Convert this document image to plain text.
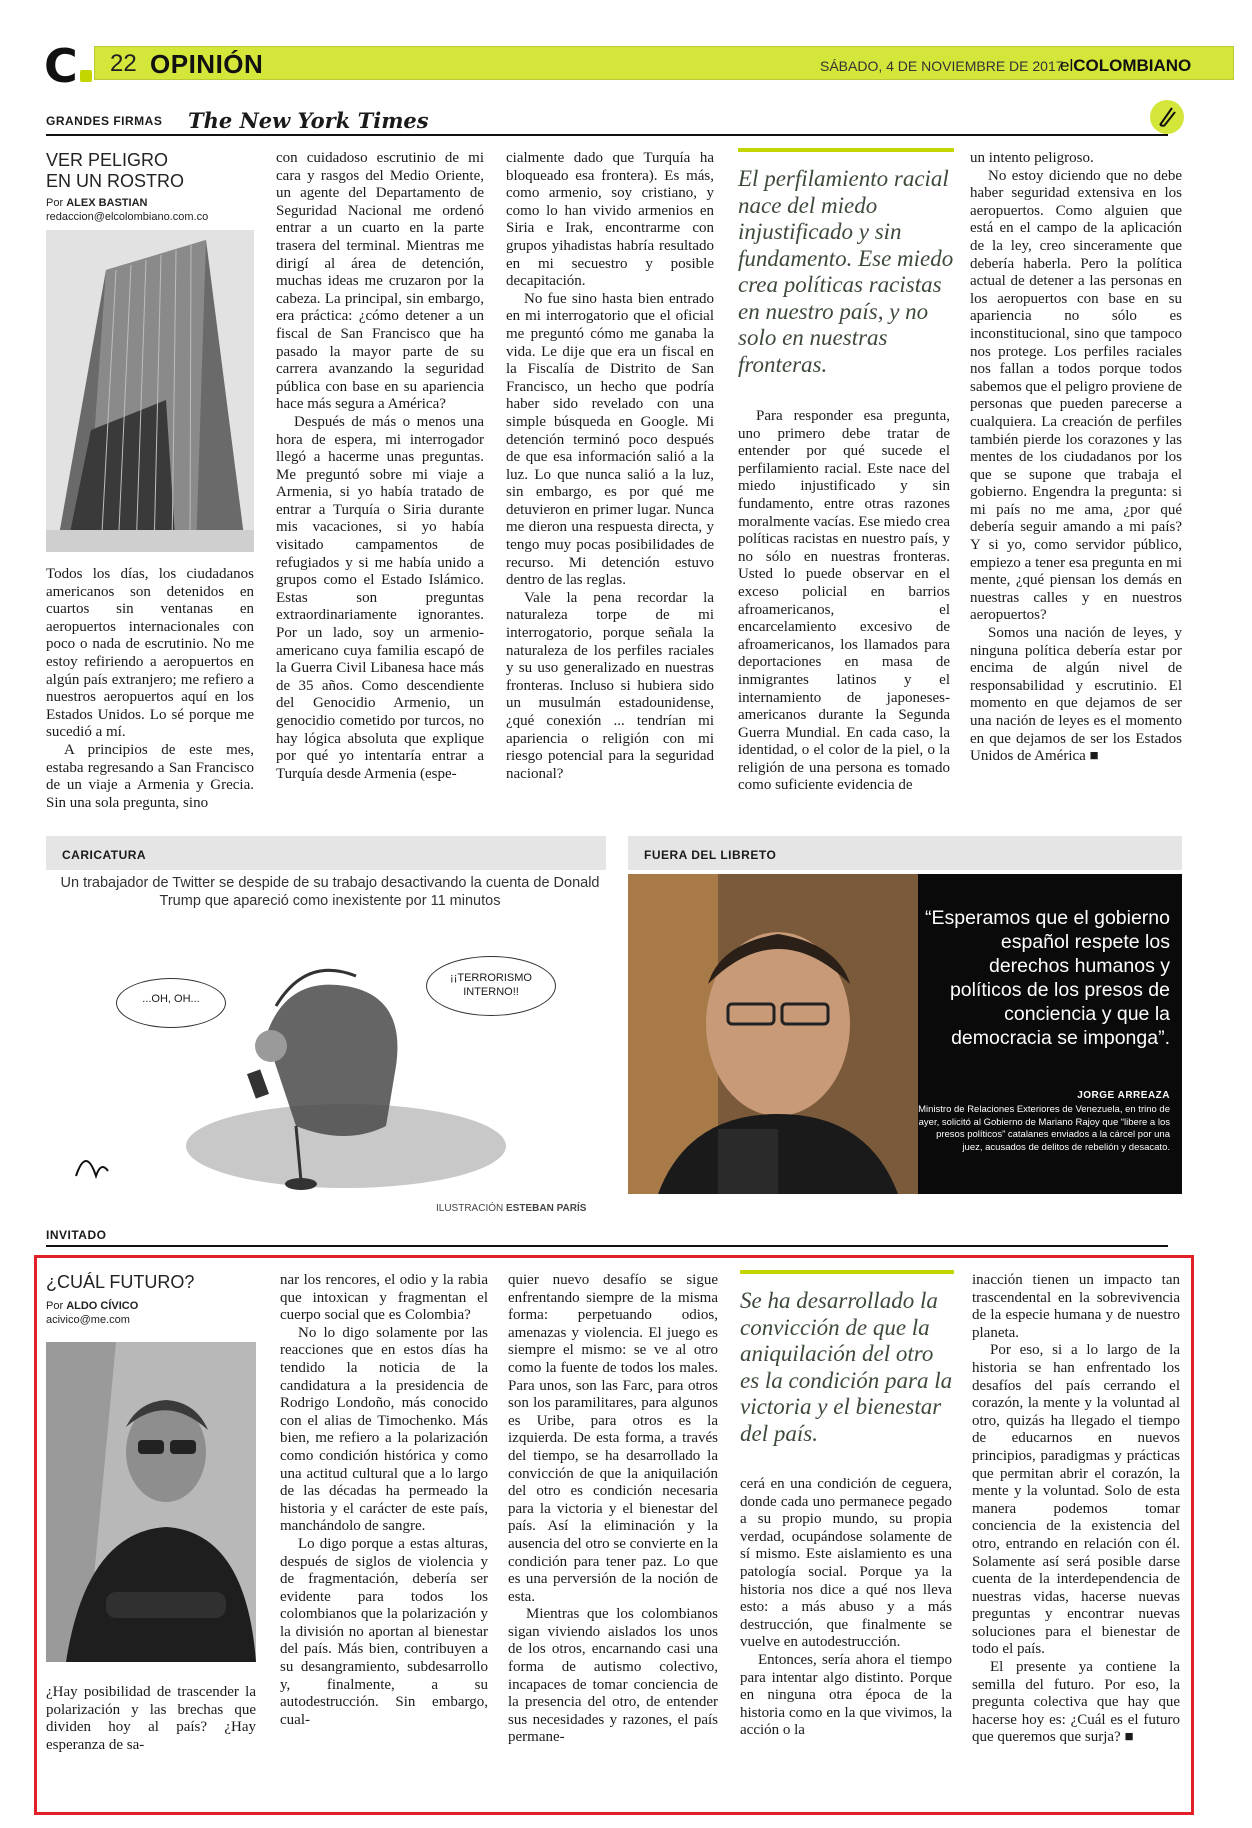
C	22 OPINIÓN	SÁBADO, 4 DE NOVIEMBRE DE 2017
elCOLOMBIANO
GRANDES FIRMAS The New York Times
VER PELIGRO
EN UN ROSTRO
Por ALEX BASTIAN
redaccion@elcolombiano.com.co

Todos los días, los ciudadanos americanos son detenidos en cuartos sin ventanas en aeropuertos internacionales con poco o nada de escrutinio. No me estoy refiriendo a aeropuertos en algún país extranjero; me refiero a nuestros aeropuertos aquí en los Estados Unidos. Lo sé porque me sucedió a mí.

A principios de este mes, estaba regresando a San Francisco de un viaje a Armenia y Grecia. Sin una sola pregunta, sino

con cuidadoso escrutinio de mi cara y rasgos del Medio Oriente, un agente del Departamento de Seguridad Nacional me ordenó entrar a un cuarto en la parte trasera del terminal. Mientras me dirigí al área de detención, muchas ideas me cruzaron por la cabeza. La principal, sin embargo, era práctica: ¿cómo detener a un fiscal de San Francisco que ha pasado la mayor parte de su carrera avanzando la seguridad pública con base en su apariencia hace más segura a América?

Después de más o menos una hora de espera, mi interrogador llegó a hacerme unas preguntas. Me preguntó sobre mi viaje a Armenia, si yo había tratado de entrar a Turquía o Siria durante mis vacaciones, si yo había visitado campamentos de refugiados y si me había unido a grupos como el Estado Islámico. Estas son preguntas extraordinariamente ignorantes. Por un lado, soy un armenio-americano cuya familia escapó de la Guerra Civil Libanesa hace más de 35 años. Como descendiente del Genocidio Armenio, un genocidio cometido por turcos, no hay lógica absoluta que explique por qué yo intentaría entrar a Turquía desde Armenia (espe-

cialmente dado que Turquía ha bloqueado esa frontera). Es más, como armenio, soy cristiano, y como lo han vivido armenios en Siria e Irak, encontrarme con grupos yihadistas habría resultado en mi secuestro y posible decapitación.

No fue sino hasta bien entrado en mi interrogatorio que el oficial me preguntó cómo me ganaba la vida. Le dije que era un fiscal en la Fiscalía de Distrito de San Francisco, un hecho que podría haber sido revelado con una simple búsqueda en Google. Mi detención terminó poco después de que esa información salió a la luz. Lo que nunca salió a la luz, sin embargo, es por qué me detuvieron en primer lugar. Nunca me dieron una respuesta directa, y tengo muy pocas posibilidades de recurso. Mi detención estuvo dentro de las reglas.

Vale la pena recordar la naturaleza torpe de mi interrogatorio, porque señala la naturaleza de los perfiles raciales y su uso generalizado en nuestras fronteras. Incluso si hubiera sido un musulmán estadounidense, ¿qué conexión ... tendrían mi apariencia o religión con mi riesgo potencial para la seguridad nacional?

El perfilamiento racial nace del miedo injustificado y sin fundamento. Ese miedo crea políticas racistas en nuestro país, y no solo en nuestras fronteras.

Para responder esa pregunta, uno primero debe tratar de entender por qué sucede el perfilamiento racial. Este nace del miedo injustificado y sin fundamento, entre otras razones moralmente vacías. Ese miedo crea políticas racistas en nuestro país, y no sólo en nuestras fronteras. Usted lo puede observar en el exceso policial en barrios afroamericanos, el encarcelamiento excesivo de afroamericanos, los llamados para deportaciones en masa de inmigrantes latinos y el internamiento de japoneses-americanos durante la Segunda Guerra Mundial. En cada caso, la identidad, o el color de la piel, o la religión de una persona es tomado como suficiente evidencia de

un intento peligroso.

No estoy diciendo que no debe haber seguridad extensiva en los aeropuertos. Como alguien que está en el campo de la aplicación de la ley, creo sinceramente que debería haberla. Pero la política actual de detener a las personas en los aeropuertos con base en su apariencia no sólo es inconstitucional, sino que tampoco nos protege. Los perfiles raciales nos fallan a todos porque todos sabemos que el peligro proviene de personas que pueden parecerse a cualquiera. La creación de perfiles también pierde los corazones y las mentes de los ciudadanos por los que se supone que trabaja el gobierno. Engendra la pregunta: si mi país no me ama, ¿por qué debería seguir amando a mi país? Y si yo, como servidor público, empiezo a tener esa pregunta en mi mente, ¿qué piensan los demás en nuestras calles y en nuestros aeropuertos?

Somos una nación de leyes, y ninguna política debería estar por encima de algún nivel de responsabilidad y escrutinio. El momento en que dejamos de ser una nación de leyes es el momento en que dejamos de ser los Estados Unidos de América ■

CARICATURA
Un trabajador de Twitter se despide de su trabajo desactivando la cuenta de Donald Trump que apareció como inexistente por 11 minutos
...OH, OH...
¡¡TERRORISMO INTERNO!!
ILUSTRACIÓN ESTEBAN PARÍS
FUERA DEL LIBRETO
“Esperamos que el gobierno español respete los derechos humanos y políticos de los presos de conciencia y que la democracia se imponga”.
JORGE ARREAZA
Ministro de Relaciones Exteriores de Venezuela, en trino de ayer, solicitó al Gobierno de Mariano Rajoy que “libere a los presos políticos” catalanes enviados a la cárcel por una juez, acusados de delitos de rebelión y desacato.
INVITADO
¿CUÁL FUTURO?
Por ALDO CÍVICO
acivico@me.com

¿Hay posibilidad de trascender la polarización y las brechas que dividen hoy al país? ¿Hay esperanza de sa-

nar los rencores, el odio y la rabia que intoxican y fragmentan el cuerpo social que es Colombia?

No lo digo solamente por las reacciones que en estos días ha tendido la noticia de la candidatura a la presidencia de Rodrigo Londoño, más conocido con el alias de Timochenko. Más bien, me refiero a la polarización como condición histórica y como una actitud cultural que a lo largo de las décadas ha permeado la historia y el carácter de este país, manchándolo de sangre.

Lo digo porque a estas alturas, después de siglos de violencia y de fragmentación, debería ser evidente para todos los colombianos que la polarización y la división no aportan al bienestar del país. Más bien, contribuyen a su desangramiento, subdesarrollo y, finalmente, a su autodestrucción. Sin embargo, cual-

quier nuevo desafío se sigue enfrentando siempre de la misma forma: perpetuando odios, amenazas y violencia. El juego es siempre el mismo: se ve al otro como la fuente de todos los males. Para unos, son las Farc, para otros son los paramilitares, para algunos es Uribe, para otros es la izquierda. De esta forma, a través del tiempo, se ha desarrollado la convicción de que la aniquilación del otro es condición necesaria para la victoria y el bienestar del país. Así la eliminación y la ausencia del otro se convierte en la condición para tener paz. Lo que es una perversión de la noción de esta.

Mientras que los colombianos sigan viviendo aislados los unos de los otros, encarnando casi una forma de autismo colectivo, incapaces de tomar conciencia de la presencia del otro, de entender sus necesidades y razones, el país permane-

Se ha desarrollado la convicción de que la aniquilación del otro es la condición para la victoria y el bienestar del país.

cerá en una condición de ceguera, donde cada uno permanece pegado a su propio mundo, su propia verdad, ocupándose solamente de sí mismo. Este aislamiento es una patología social. Porque ya la historia nos dice a qué nos lleva esto: a más abuso y a más destrucción, que finalmente se vuelve en autodestrucción.

Entonces, sería ahora el tiempo para intentar algo distinto. Porque en ninguna otra época de la historia como en la que vivimos, la acción o la

inacción tienen un impacto tan trascendental en la sobrevivencia de la especie humana y de nuestro planeta.

Por eso, si a lo largo de la historia se han enfrentado los desafíos del país cerrando el corazón, la mente y la voluntad al otro, quizás ha llegado el tiempo de educarnos en nuevos principios, paradigmas y prácticas que permitan abrir el corazón, la mente y la voluntad. Solo de esta manera podemos tomar conciencia de la existencia del otro, entrando en relación con él. Solamente así será posible darse cuenta de la interdependencia de nuestras vidas, hacerse nuevas preguntas y encontrar nuevas soluciones para el bienestar de todo el país.

El presente ya contiene la semilla del futuro. Por eso, la pregunta colectiva que hay que hacerse hoy es: ¿Cuál es el futuro que queremos que surja? ■
